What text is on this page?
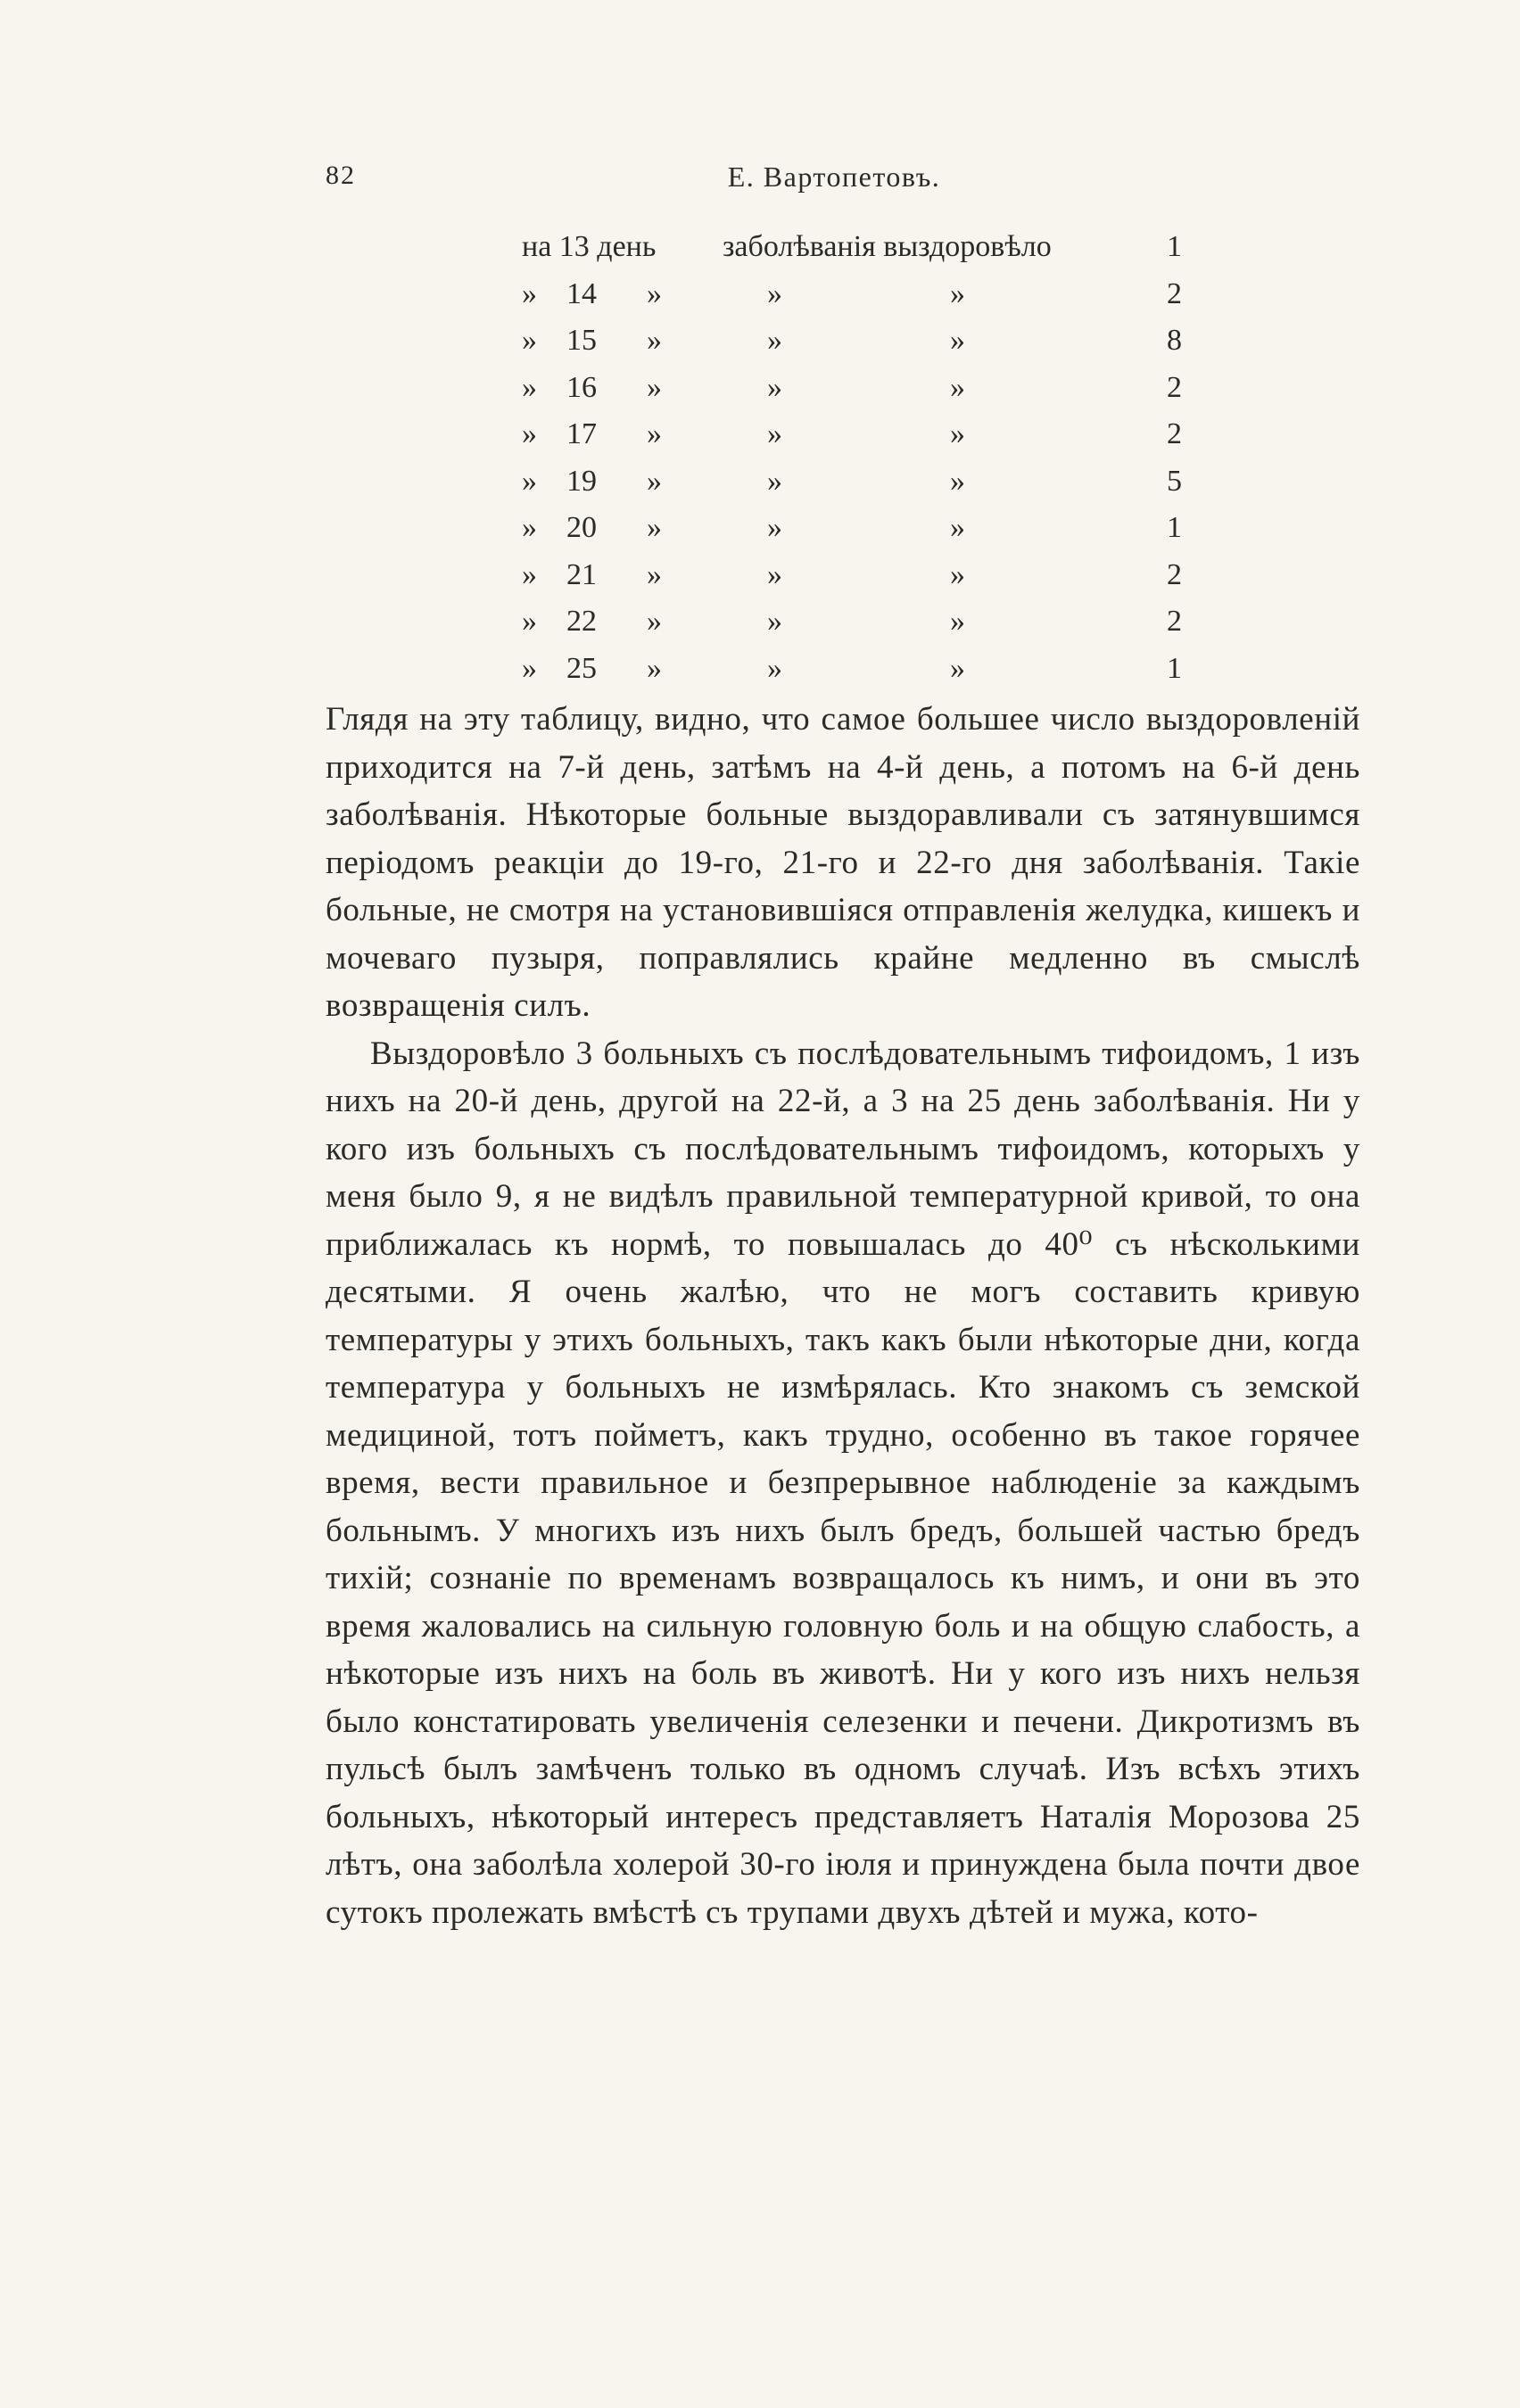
82	Е. Вартопетовъ.
на 13 день заболѣванія выздоровѣло	1
» 14 »	»	»	2
» 15 »	»	»	8
» 16 »	»	»	2
» 17 »	»	»	2
» 19 »	»	»	5
» 20 »	»	»	1
» 21 »	»	»	2
» 22 »	»	»	2
» 25 »	»	»	1

Глядя на эту таблицу, видно, что самое большее число выздоровленій приходится на 7-й день, затѣмъ на 4-й день, а потомъ на 6-й день заболѣванія. Нѣкоторые больные выздоравливали съ затянувшимся періодомъ реакціи до 19-го, 21-го и 22-го дня заболѣванія. Такіе больные, не смотря на установившіяся отправленія желудка, кишекъ и мочеваго пузыря, поправлялись крайне медленно въ смыслѣ возвращенія силъ.

Выздоровѣло 3 больныхъ съ послѣдовательнымъ тифоидомъ, 1 изъ нихъ на 20-й день, другой на 22-й, а 3 на 25 день заболѣванія. Ни у кого изъ больныхъ съ послѣдовательнымъ тифоидомъ, которыхъ у меня было 9, я не видѣлъ правильной температурной кривой, то она приближалась къ нормѣ, то повышалась до 40⁰ съ нѣсколькими десятыми. Я очень жалѣю, что не могъ составить кривую температуры у этихъ больныхъ, такъ какъ были нѣкоторые дни, когда температура у больныхъ не измѣрялась. Кто знакомъ съ земской медициной, тотъ пойметъ, какъ трудно, особенно въ такое горячее время, вести правильное и безпрерывное наблюденіе за каждымъ больнымъ. У многихъ изъ нихъ былъ бредъ, большей частью бредъ тихій; сознаніе по временамъ возвращалось къ нимъ, и они въ это время жаловались на сильную головную боль и на общую слабость, а нѣкоторые изъ нихъ на боль въ животѣ. Ни у кого изъ нихъ нельзя было констатировать увеличенія селезенки и печени. Дикротизмъ въ пульсѣ былъ замѣченъ только въ одномъ случаѣ. Изъ всѣхъ этихъ больныхъ, нѣкоторый интересъ представляетъ Наталія Морозова 25 лѣтъ, она заболѣла холерой 30-го іюля и принуждена была почти двое сутокъ пролежать вмѣстѣ съ трупами двухъ дѣтей и мужа, кото-
